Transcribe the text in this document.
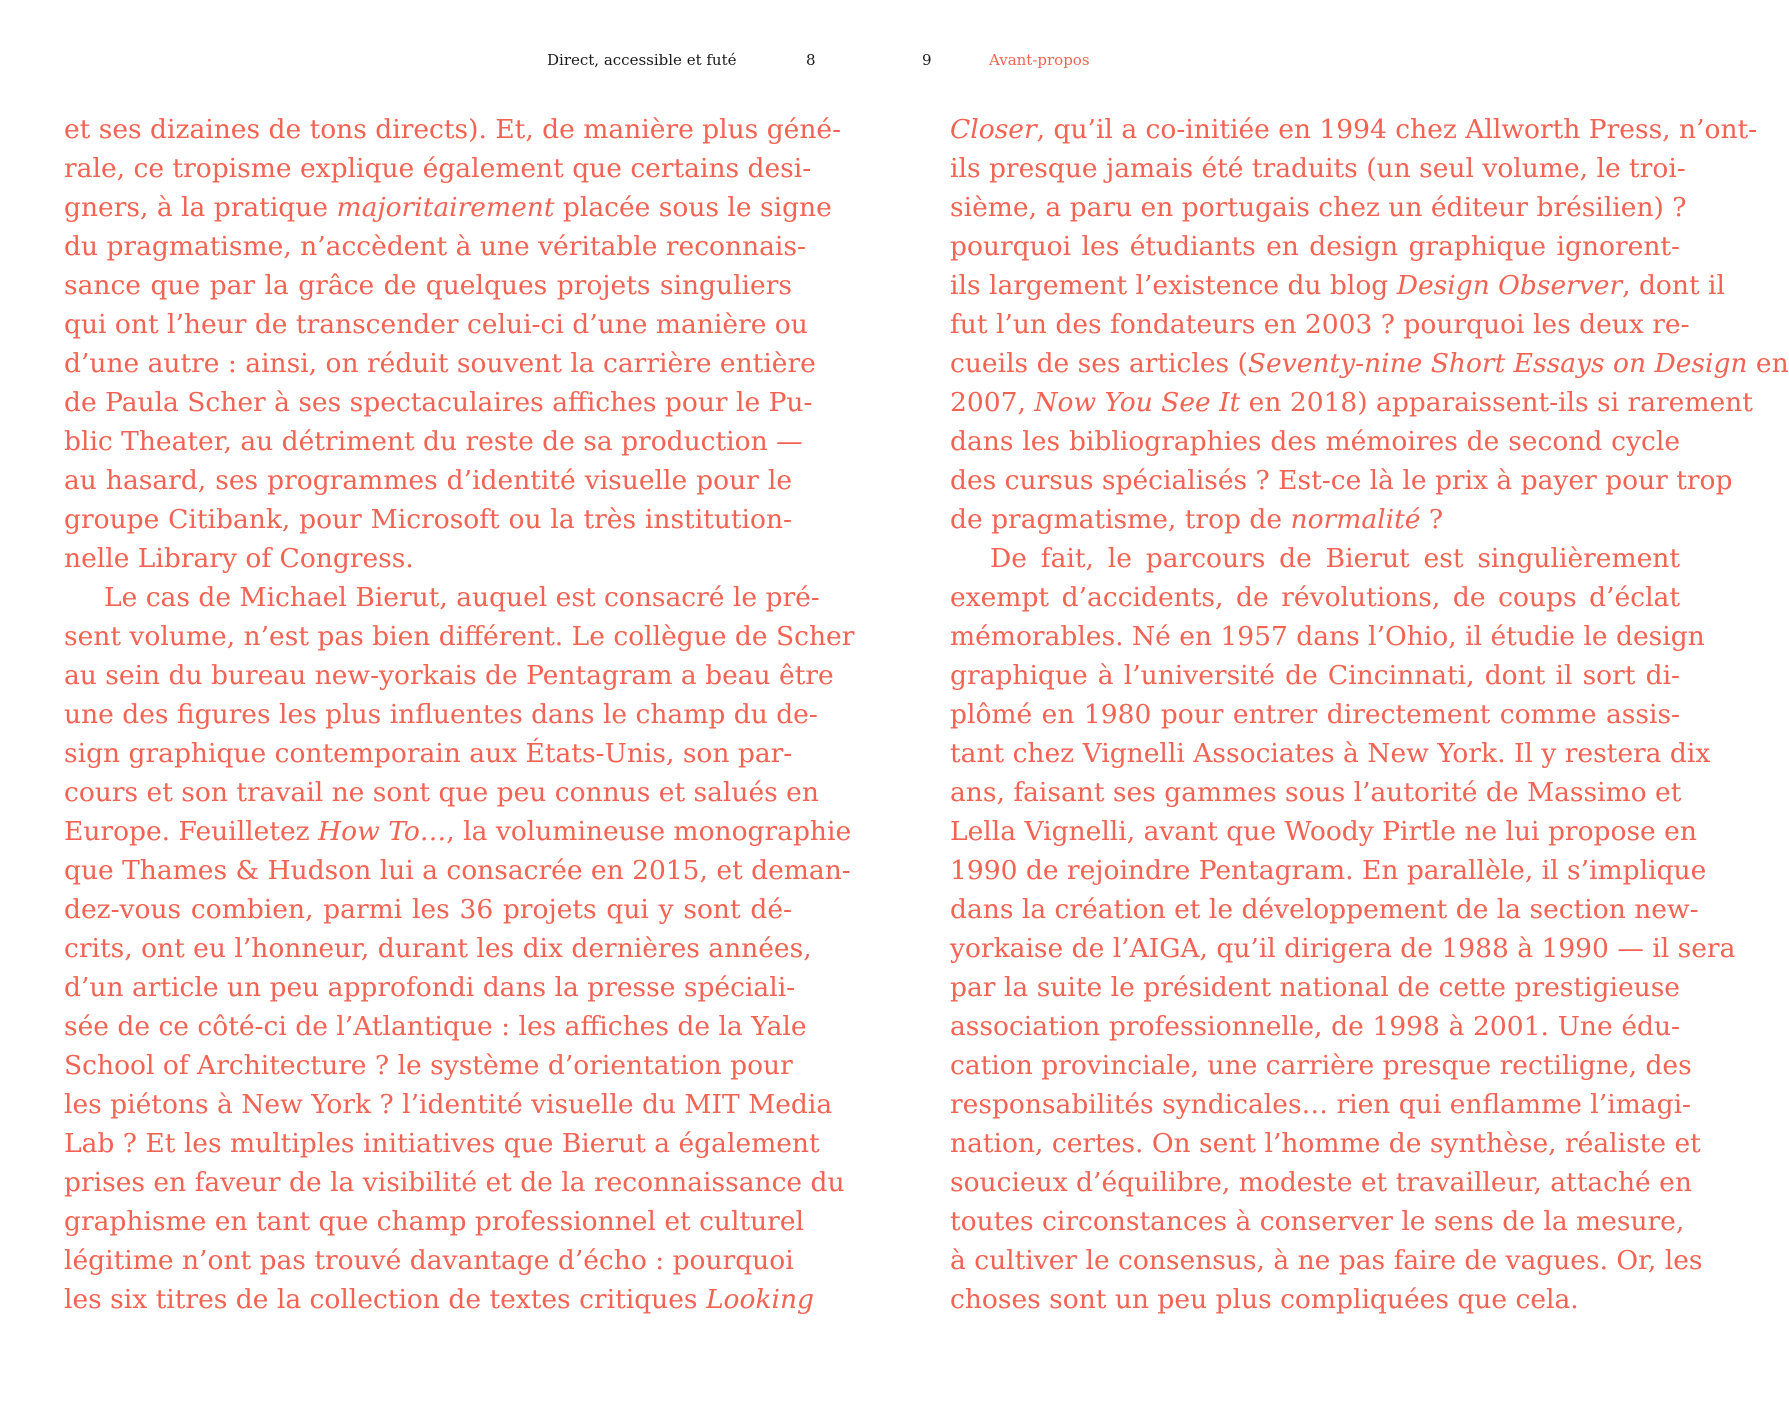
Direct, accessible et futé	8	9	Avant-propos
et ses dizaines de tons directs). Et, de manière plus géné-
rale, ce tropisme explique également que certains desi-
gners, à la pratique majoritairement placée sous le signe
du pragmatisme, n’accèdent à une véritable reconnais-
sance que par la grâce de quelques projets singuliers
qui ont l’heur de transcender celui-ci d’une manière ou
d’une autre : ainsi, on réduit souvent la carrière entière
de Paula Scher à ses spectaculaires affiches pour le Pu-
blic Theater, au détriment du reste de sa production —
au hasard, ses programmes d’identité visuelle pour le
groupe Citibank, pour Microsoft ou la très institution-
nelle Library of Congress.
Le cas de Michael Bierut, auquel est consacré le pré-
sent volume, n’est pas bien différent. Le collègue de Scher
au sein du bureau new-yorkais de Pentagram a beau être
une des figures les plus influentes dans le champ du de-
sign graphique contemporain aux États-Unis, son par-
cours et son travail ne sont que peu connus et salués en
Europe. Feuilletez How To…, la volumineuse monographie
que Thames & Hudson lui a consacrée en 2015, et deman-
dez-vous combien, parmi les 36 projets qui y sont dé-
crits, ont eu l’honneur, durant les dix dernières années,
d’un article un peu approfondi dans la presse spéciali-
sée de ce côté-ci de l’Atlantique : les affiches de la Yale
School of Architecture ? le système d’orientation pour
les piétons à New York ? l’identité visuelle du MIT Media
Lab ? Et les multiples initiatives que Bierut a également
prises en faveur de la visibilité et de la reconnaissance du
graphisme en tant que champ professionnel et culturel
légitime n’ont pas trouvé davantage d’écho : pourquoi
les six titres de la collection de textes critiques Looking
Closer, qu’il a co-initiée en 1994 chez Allworth Press, n’ont-
ils presque jamais été traduits (un seul volume, le troi-
sième, a paru en portugais chez un éditeur brésilien) ?
pourquoi les étudiants en design graphique ignorent-
ils largement l’existence du blog Design Observer, dont il
fut l’un des fondateurs en 2003 ? pourquoi les deux re-
cueils de ses articles (Seventy-nine Short Essays on Design en
2007, Now You See It en 2018) apparaissent-ils si rarement
dans les bibliographies des mémoires de second cycle
des cursus spécialisés ? Est-ce là le prix à payer pour trop
de pragmatisme, trop de normalité ?
De fait, le parcours de Bierut est singulièrement
exempt d’accidents, de révolutions, de coups d’éclat
mémorables. Né en 1957 dans l’Ohio, il étudie le design
graphique à l’université de Cincinnati, dont il sort di-
plômé en 1980 pour entrer directement comme assis-
tant chez Vignelli Associates à New York. Il y restera dix
ans, faisant ses gammes sous l’autorité de Massimo et
Lella Vignelli, avant que Woody Pirtle ne lui propose en
1990 de rejoindre Pentagram. En parallèle, il s’implique
dans la création et le développement de la section new-
yorkaise de l’AIGA, qu’il dirigera de 1988 à 1990 — il sera
par la suite le président national de cette prestigieuse
association professionnelle, de 1998 à 2001. Une édu-
cation provinciale, une carrière presque rectiligne, des
responsabilités syndicales… rien qui enflamme l’imagi-
nation, certes. On sent l’homme de synthèse, réaliste et
soucieux d’équilibre, modeste et travailleur, attaché en
toutes circonstances à conserver le sens de la mesure,
à cultiver le consensus, à ne pas faire de vagues. Or, les
choses sont un peu plus compliquées que cela.
